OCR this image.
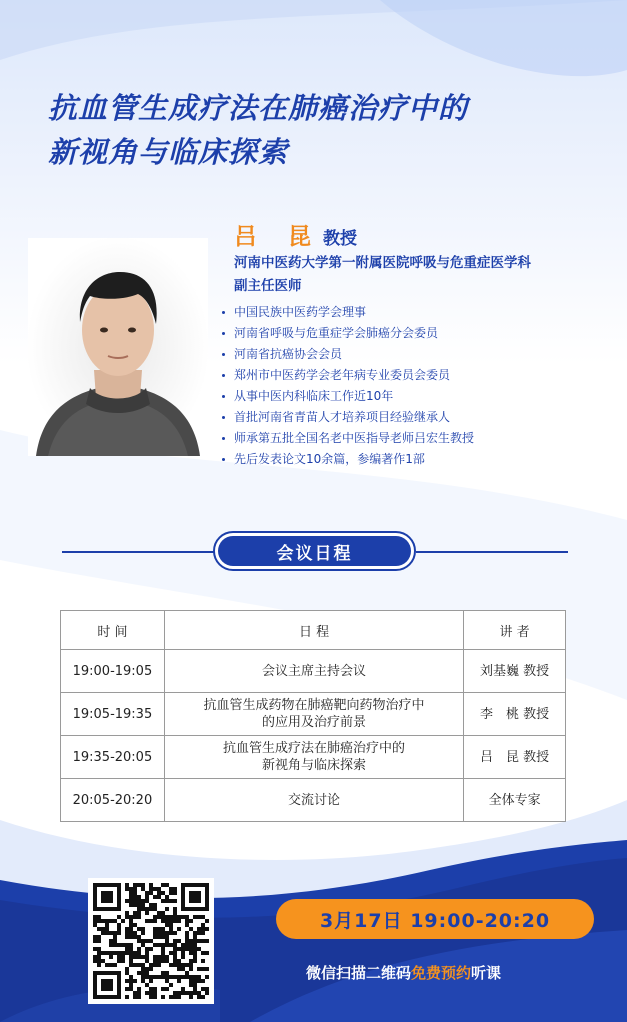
抗血管生成疗法在肺癌治疗中的
新视角与临床探索
吕　昆 教授
河南中医药大学第一附属医院呼吸与危重症医学科
副主任医师
中国民族中医药学会理事
河南省呼吸与危重症学会肺癌分会委员
河南省抗癌协会会员
郑州市中医药学会老年病专业委员会委员
从事中医内科临床工作近10年
首批河南省青苗人才培养项目经验继承人
师承第五批全国名老中医指导老师吕宏生教授
先后发表论文10余篇，参编著作1部
会议日程
时 间	日 程	讲 者
19:00-19:05	会议主席主持会议	刘基巍 教授
19:05-19:35	抗血管生成药物在肺癌靶向药物治疗中
的应用及治疗前景	李　桃 教授
19:35-20:05	抗血管生成疗法在肺癌治疗中的
新视角与临床探索	吕　昆 教授
20:05-20:20	交流讨论	全体专家
3月17日 19:00-20:20
微信扫描二维码免费预约听课
